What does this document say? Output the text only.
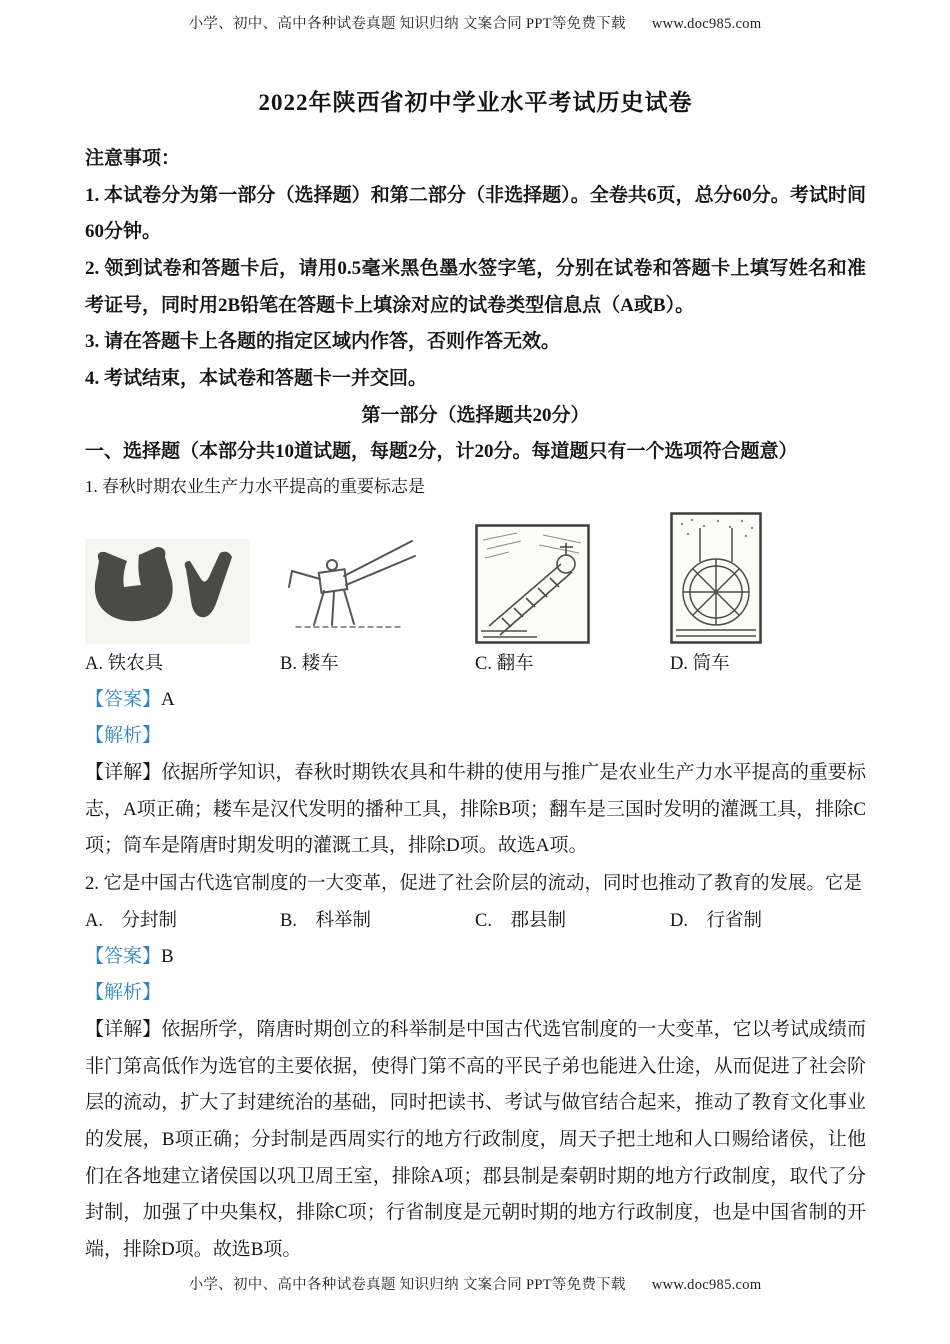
小学、初中、高中各种试卷真题 知识归纳 文案合同 PPT等免费下载 www.doc985.com
2022年陕西省初中学业水平考试历史试卷

注意事项：

1. 本试卷分为第一部分（选择题）和第二部分（非选择题）。全卷共6页，总分60分。考试时间60分钟。

2. 领到试卷和答题卡后，请用0.5毫米黑色墨水签字笔，分别在试卷和答题卡上填写姓名和准考证号，同时用2B铅笔在答题卡上填涂对应的试卷类型信息点（A或B）。

3. 请在答题卡上各题的指定区域内作答，否则作答无效。

4. 考试结束，本试卷和答题卡一并交回。

第一部分（选择题共20分）

一、选择题（本部分共10道试题，每题2分，计20分。每道题只有一个选项符合题意）

1. 春秋时期农业生产力水平提高的重要标志是

A. 铁农具	B. 耧车	C. 翻车	D. 筒车

【答案】A

【解析】

【详解】依据所学知识，春秋时期铁农具和牛耕的使用与推广是农业生产力水平提高的重要标志，A项正确；耧车是汉代发明的播种工具，排除B项；翻车是三国时发明的灌溉工具，排除C项；筒车是隋唐时期发明的灌溉工具，排除D项。故选A项。

2. 它是中国古代选官制度的一大变革，促进了社会阶层的流动，同时也推动了教育的发展。它是

A.　分封制	B.　科举制	C.　郡县制	D.　行省制

【答案】B

【解析】

【详解】依据所学，隋唐时期创立的科举制是中国古代选官制度的一大变革，它以考试成绩而非门第高低作为选官的主要依据，使得门第不高的平民子弟也能进入仕途，从而促进了社会阶层的流动，扩大了封建统治的基础，同时把读书、考试与做官结合起来，推动了教育文化事业的发展，B项正确；分封制是西周实行的地方行政制度，周天子把土地和人口赐给诸侯，让他们在各地建立诸侯国以巩卫周王室，排除A项；郡县制是秦朝时期的地方行政制度，取代了分封制，加强了中央集权，排除C项；行省制度是元朝时期的地方行政制度，也是中国省制的开端，排除D项。故选B项。

小学、初中、高中各种试卷真题 知识归纳 文案合同 PPT等免费下载 www.doc985.com
